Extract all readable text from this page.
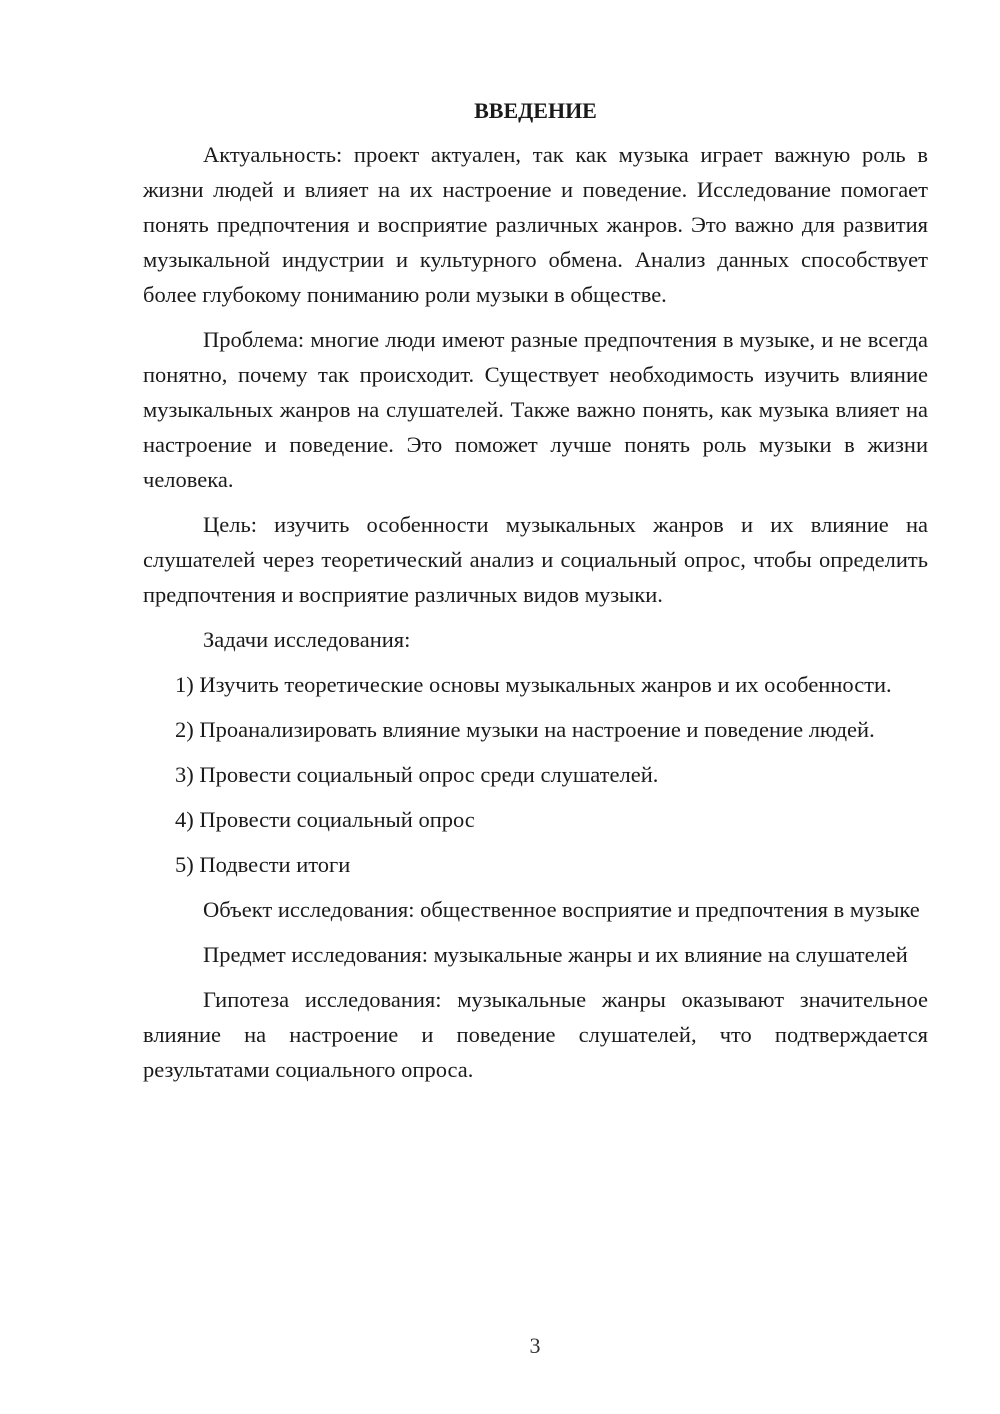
ВВЕДЕНИЕ

Актуальность: проект актуален, так как музыка играет важную роль в жизни людей и влияет на их настроение и поведение. Исследование помогает понять предпочтения и восприятие различных жанров. Это важно для развития музыкальной индустрии и культурного обмена. Анализ данных способствует более глубокому пониманию роли музыки в обществе.

Проблема: многие люди имеют разные предпочтения в музыке, и не всегда понятно, почему так происходит. Существует необходимость изучить влияние музыкальных жанров на слушателей. Также важно понять, как музыка влияет на настроение и поведение. Это поможет лучше понять роль музыки в жизни человека.

Цель: изучить особенности музыкальных жанров и их влияние на слушателей через теоретический анализ и социальный опрос, чтобы определить предпочтения и восприятие различных видов музыки.

Задачи исследования:

1) Изучить теоретические основы музыкальных жанров и их особенности.

2) Проанализировать влияние музыки на настроение и поведение людей.

3) Провести социальный опрос среди слушателей.

4) Провести социальный опрос

5) Подвести итоги

Объект исследования: общественное восприятие и предпочтения в музыке

Предмет исследования: музыкальные жанры и их влияние на слушателей

Гипотеза исследования: музыкальные жанры оказывают значительное влияние на настроение и поведение слушателей, что подтверждается результатами социального опроса.

3
